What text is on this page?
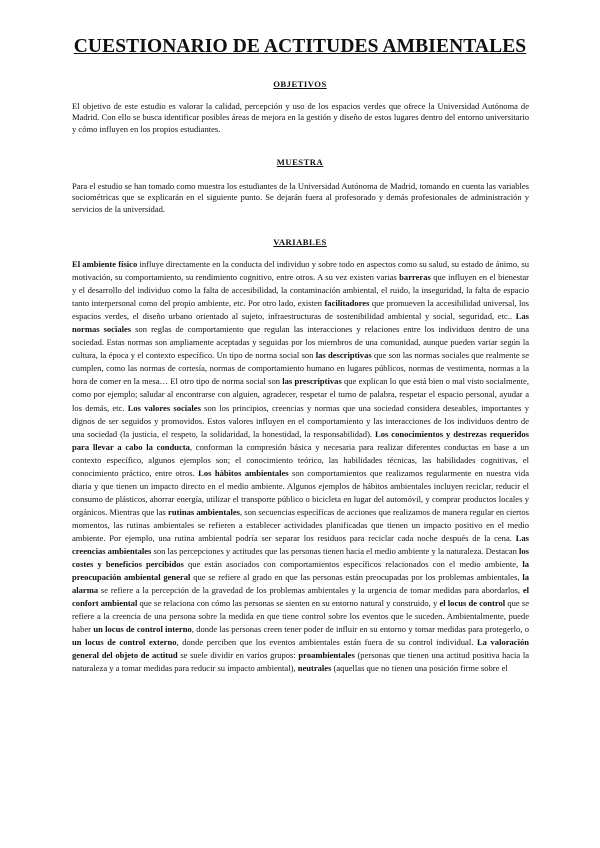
CUESTIONARIO DE ACTITUDES AMBIENTALES
OBJETIVOS

El objetivo de este estudio es valorar la calidad, percepción y uso de los espacios verdes que ofrece la Universidad Autónoma de Madrid. Con ello se busca identificar posibles áreas de mejora en la gestión y diseño de estos lugares dentro del entorno universitario y cómo influyen en los propios estudiantes.

MUESTRA

Para el estudio se han tomado como muestra los estudiantes de la Universidad Autónoma de Madrid, tomando en cuenta las variables sociométricas que se explicarán en el siguiente punto. Se dejarán fuera al profesorado y demás profesionales de administración y servicios de la universidad.

VARIABLES

El ambiente físico influye directamente en la conducta del individuo y sobre todo en aspectos como su salud, su estado de ánimo, su motivación, su comportamiento, su rendimiento cognitivo, entre otros. A su vez existen varias barreras que influyen en el bienestar y el desarrollo del individuo como la falta de accesibilidad, la contaminación ambiental, el ruido, la inseguridad, la falta de espacio tanto interpersonal como del propio ambiente, etc. Por otro lado, existen facilitadores que promueven la accesibilidad universal, los espacios verdes, el diseño urbano orientado al sujeto, infraestructuras de sostenibilidad ambiental y social, seguridad, etc.. Las normas sociales son reglas de comportamiento que regulan las interacciones y relaciones entre los individuos dentro de una sociedad. Estas normas son ampliamente aceptadas y seguidas por los miembros de una comunidad, aunque pueden variar según la cultura, la época y el contexto específico. Un tipo de norma social son las descriptivas que son las normas sociales que realmente se cumplen, como las normas de cortesía, normas de comportamiento humano en lugares públicos, normas de vestimenta, normas a la hora de comer en la mesa… El otro tipo de norma social son las prescriptivas que explican lo que está bien o mal visto socialmente, como por ejemplo; saludar al encontrarse con alguien, agradecer, respetar el turno de palabra, respetar el espacio personal, ayudar a los demás, etc. Los valores sociales son los principios, creencias y normas que una sociedad considera deseables, importantes y dignos de ser seguidos y promovidos. Estos valores influyen en el comportamiento y las interacciones de los individuos dentro de una sociedad (la justicia, el respeto, la solidaridad, la honestidad, la responsabilidad). Los conocimientos y destrezas requeridos para llevar a cabo la conducta, conforman la compresión básica y necesaria para realizar diferentes conductas en base a un contexto específico, algunos ejemplos son; el conocimiento teórico, las habilidades técnicas, las habilidades cognitivas, el conocimiento práctico, entre otros. Los hábitos ambientales son comportamientos que realizamos regularmente en nuestra vida diaria y que tienen un impacto directo en el medio ambiente. Algunos ejemplos de hábitos ambientales incluyen reciclar, reducir el consumo de plásticos, ahorrar energía, utilizar el transporte público o bicicleta en lugar del automóvil, y comprar productos locales y orgánicos. Mientras que las rutinas ambientales, son secuencias específicas de acciones que realizamos de manera regular en ciertos momentos, las rutinas ambientales se refieren a establecer actividades planificadas que tienen un impacto positivo en el medio ambiente. Por ejemplo, una rutina ambiental podría ser separar los residuos para reciclar cada noche después de la cena. Las creencias ambientales son las percepciones y actitudes que las personas tienen hacia el medio ambiente y la naturaleza. Destacan los costes y beneficios percibidos que están asociados con comportamientos específicos relacionados con el medio ambiente, la preocupación ambiental general que se refiere al grado en que las personas están preocupadas por los problemas ambientales, la alarma se refiere a la percepción de la gravedad de los problemas ambientales y la urgencia de tomar medidas para abordarlos, el confort ambiental que se relaciona con cómo las personas se sienten en su entorno natural y construido, y el locus de control que se refiere a la creencia de una persona sobre la medida en que tiene control sobre los eventos que le suceden. Ambientalmente, puede haber un locus de control interno, donde las personas creen tener poder de influir en su entorno y tomar medidas para protegerlo, o un locus de control externo, donde perciben que los eventos ambientales están fuera de su control individual. La valoración general del objeto de actitud se suele dividir en varios grupos: proambientales (personas que tienen una actitud positiva hacia la naturaleza y a tomar medidas para reducir su impacto ambiental), neutrales (aquellas que no tienen una posición firme sobre el
